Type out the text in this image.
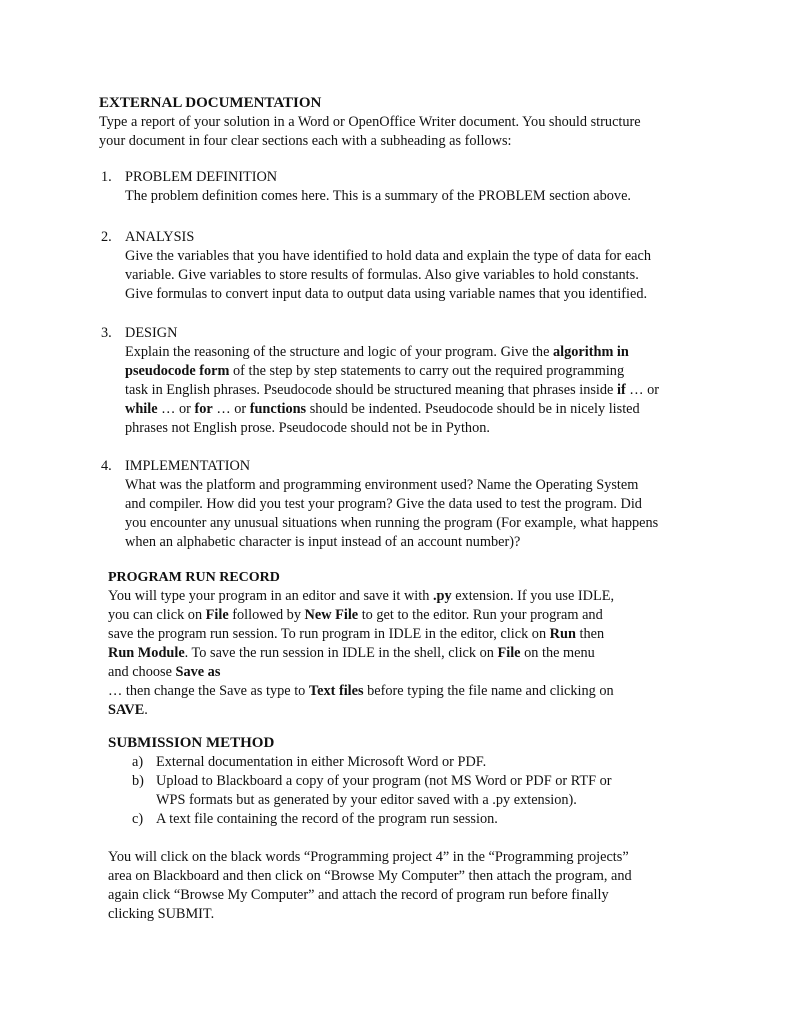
EXTERNAL DOCUMENTATION

Type a report of your solution in a Word or OpenOffice Writer document. You should structure

your document in four clear sections each with a subheading as follows:

1. PROBLEM DEFINITION

The problem definition comes here. This is a summary of the PROBLEM section above.

2. ANALYSIS

Give the variables that you have identified to hold data and explain the type of data for each

variable. Give variables to store results of formulas. Also give variables to hold constants.

Give formulas to convert input data to output data using variable names that you identified.

3. DESIGN

Explain the reasoning of the structure and logic of your program. Give the algorithm in

pseudocode form of the step by step statements to carry out the required programming

task in English phrases. Pseudocode should be structured meaning that phrases inside if … or

while … or for … or functions should be indented. Pseudocode should be in nicely listed

phrases not English prose. Pseudocode should not be in Python.

4. IMPLEMENTATION

What was the platform and programming environment used? Name the Operating System

and compiler. How did you test your program? Give the data used to test the program. Did

you encounter any unusual situations when running the program (For example, what happens

when an alphabetic character is input instead of an account number)?

PROGRAM RUN RECORD

You will type your program in an editor and save it with .py extension. If you use IDLE,

you can click on File followed by New File to get to the editor. Run your program and

save the program run session. To run program in IDLE in the editor, click on Run then

Run Module. To save the run session in IDLE in the shell, click on File on the menu

and choose Save as

… then change the Save as type to Text files before typing the file name and clicking on

SAVE.

SUBMISSION METHOD
a) External documentation in either Microsoft Word or PDF.
b) Upload to Blackboard a copy of your program (not MS Word or PDF or RTF or
WPS formats but as generated by your editor saved with a .py extension).
c) A text file containing the record of the program run session.

You will click on the black words “Programming project 4” in the “Programming projects”

area on Blackboard and then click on “Browse My Computer” then attach the program, and

again click “Browse My Computer” and attach the record of program run before finally

clicking SUBMIT.
